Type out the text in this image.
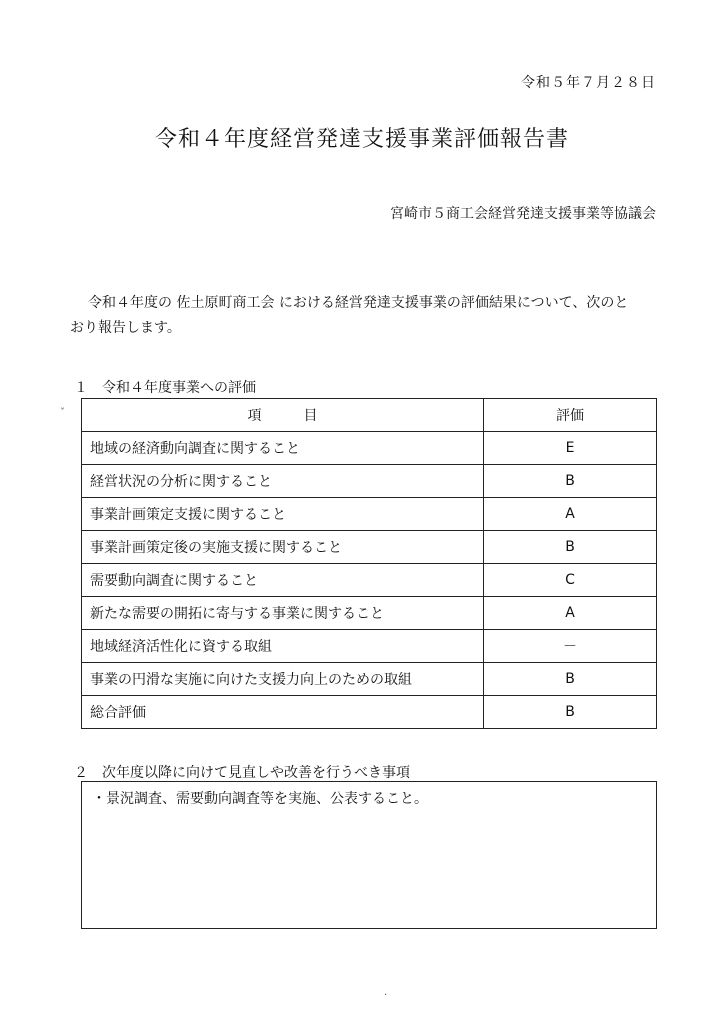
令和５年７月２８日
令和４年度経営発達支援事業評価報告書
宮崎市５商工会経営発達支援事業等協議会
令和４年度の 佐土原町商工会 における経営発達支援事業の評価結果について、次のと
おり報告します。
１　令和４年度事業への評価
項　　　目	評価
地域の経済動向調査に関すること	E
経営状況の分析に関すること	B
事業計画策定支援に関すること	A
事業計画策定後の実施支援に関すること	B
需要動向調査に関すること	C
新たな需要の開拓に寄与する事業に関すること	A
地域経済活性化に資する取組	－
事業の円滑な実施に向けた支援力向上のための取組	B
総合評価	B
２　次年度以降に向けて見直しや改善を行うべき事項
・景況調査、需要動向調査等を実施、公表すること。
ˇ
·
